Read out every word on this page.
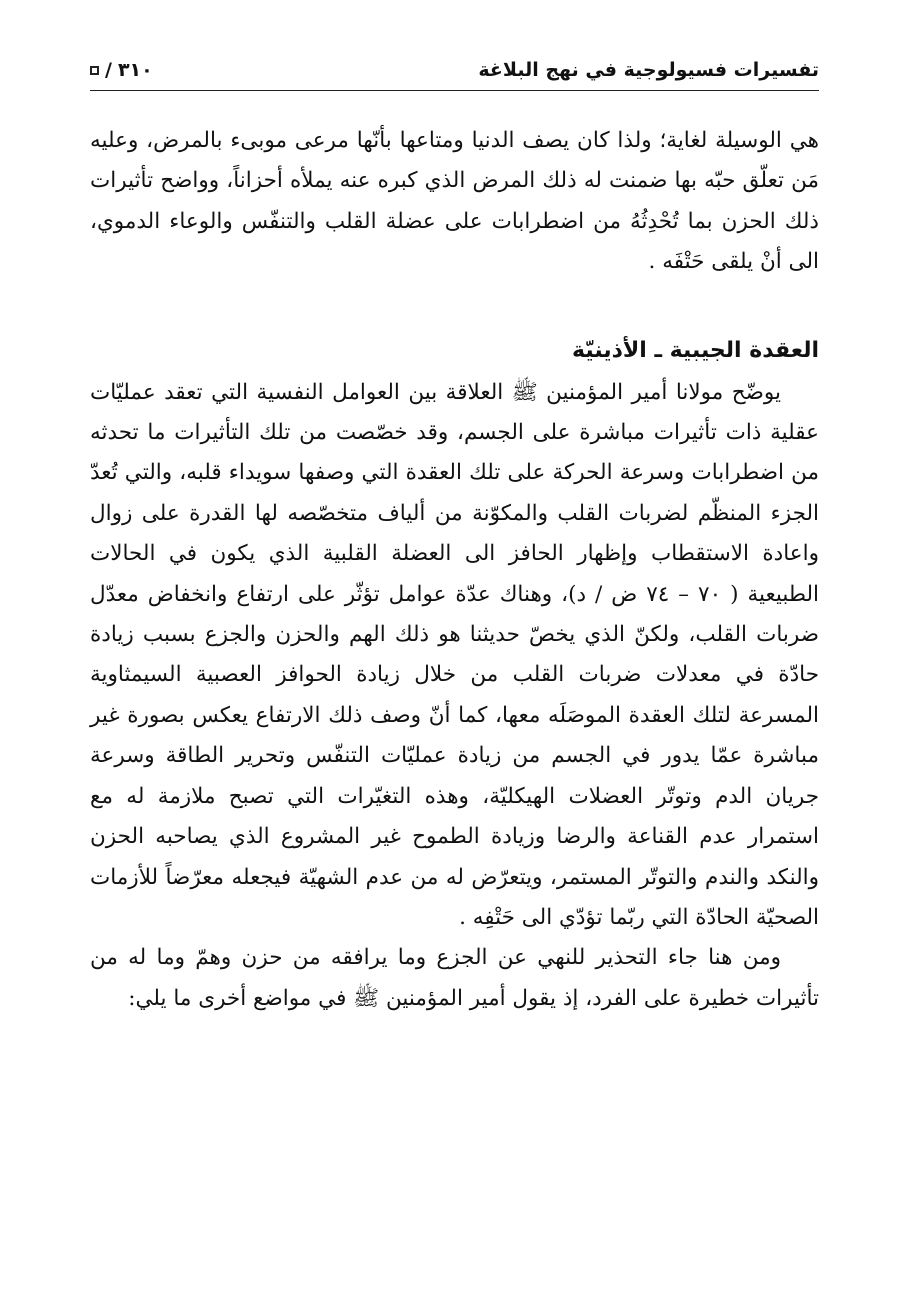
تفسيرات فسيولوجية في نهج البلاغة
/ ٣١٠

هي الوسيلة لغاية؛ ولذا كان يصف الدنيا ومتاعها بأنّها مرعى موبىء بالمرض، وعليه مَن تعلّق حبّه بها ضمنت له ذلك المرض الذي كبره عنه يملأه أحزاناً، وواضح تأثيرات ذلك الحزن بما تُحْدِثُهُ من اضطرابات على عضلة القلب والتنفّس والوعاء الدموي، الى أنْ يلقى حَتْفَه .

العقدة الجيبية ـ الأذينيّة

يوضّح مولانا أمير المؤمنين ﷺ العلاقة بين العوامل النفسية التي تعقد عمليّات عقلية ذات تأثيرات مباشرة على الجسم، وقد خصّصت من تلك التأثيرات ما تحدثه من اضطرابات وسرعة الحركة على تلك العقدة التي وصفها سويداء قلبه، والتي تُعدّ الجزء المنظّم لضربات القلب والمكوّنة من ألياف متخصّصه لها القدرة على زوال واعادة الاستقطاب وإظهار الحافز الى العضلة القلبية الذي يكون في الحالات الطبيعية ( ٧٠ – ٧٤ ض / د)، وهناك عدّة عوامل تؤثّر على ارتفاع وانخفاض معدّل ضربات القلب، ولكنّ الذي يخصّ حديثنا هو ذلك الهم والحزن والجزع بسبب زيادة حادّة في معدلات ضربات القلب من خلال زيادة الحوافز العصبية السيمثاوية المسرعة لتلك العقدة الموصَلَه معها، كما أنّ وصف ذلك الارتفاع يعكس بصورة غير مباشرة عمّا يدور في الجسم من زيادة عمليّات التنفّس وتحرير الطاقة وسرعة جريان الدم وتوتّر العضلات الهيكليّة، وهذه التغيّرات التي تصبح ملازمة له مع استمرار عدم القناعة والرضا وزيادة الطموح غير المشروع الذي يصاحبه الحزن والنكد والندم والتوتّر المستمر، ويتعرّض له من عدم الشهيّة فيجعله معرّضاً للأزمات الصحيّة الحادّة التي ربّما تؤدّي الى حَتْفِه .

ومن هنا جاء التحذير للنهي عن الجزع وما يرافقه من حزن وهمّ وما له من تأثيرات خطيرة على الفرد، إذ يقول أمير المؤمنين ﷺ في مواضع أخرى ما يلي:
